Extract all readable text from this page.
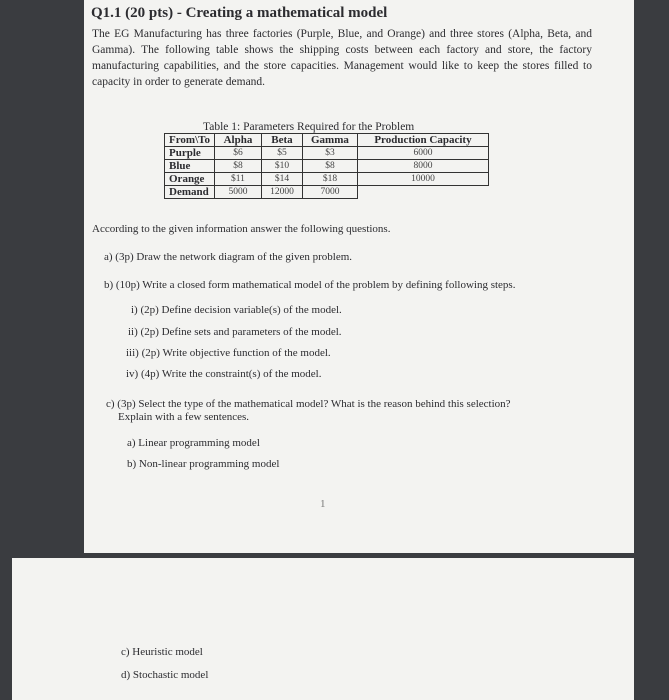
Q1.1 (20 pts) - Creating a mathematical model
The EG Manufacturing has three factories (Purple, Blue, and Orange) and three stores (Alpha, Beta, and Gamma). The following table shows the shipping costs between each factory and store, the factory manufacturing capabilities, and the store capacities. Management would like to keep the stores filled to capacity in order to generate demand.
Table 1: Parameters Required for the Problem
From\To	Alpha	Beta	Gamma	Production Capacity
Purple	$6	$5	$3	6000
Blue	$8	$10	$8	8000
Orange	$11	$14	$18	10000
Demand	5000	12000	7000	
According to the given information answer the following questions.
a) (3p) Draw the network diagram of the given problem.
b) (10p) Write a closed form mathematical model of the problem by defining following steps.
i) (2p) Define decision variable(s) of the model.
ii) (2p) Define sets and parameters of the model.
iii) (2p) Write objective function of the model.
iv) (4p) Write the constraint(s) of the model.
c) (3p) Select the type of the mathematical model? What is the reason behind this selection?
Explain with a few sentences.
a) Linear programming model
b) Non-linear programming model
1
c) Heuristic model
d) Stochastic model
